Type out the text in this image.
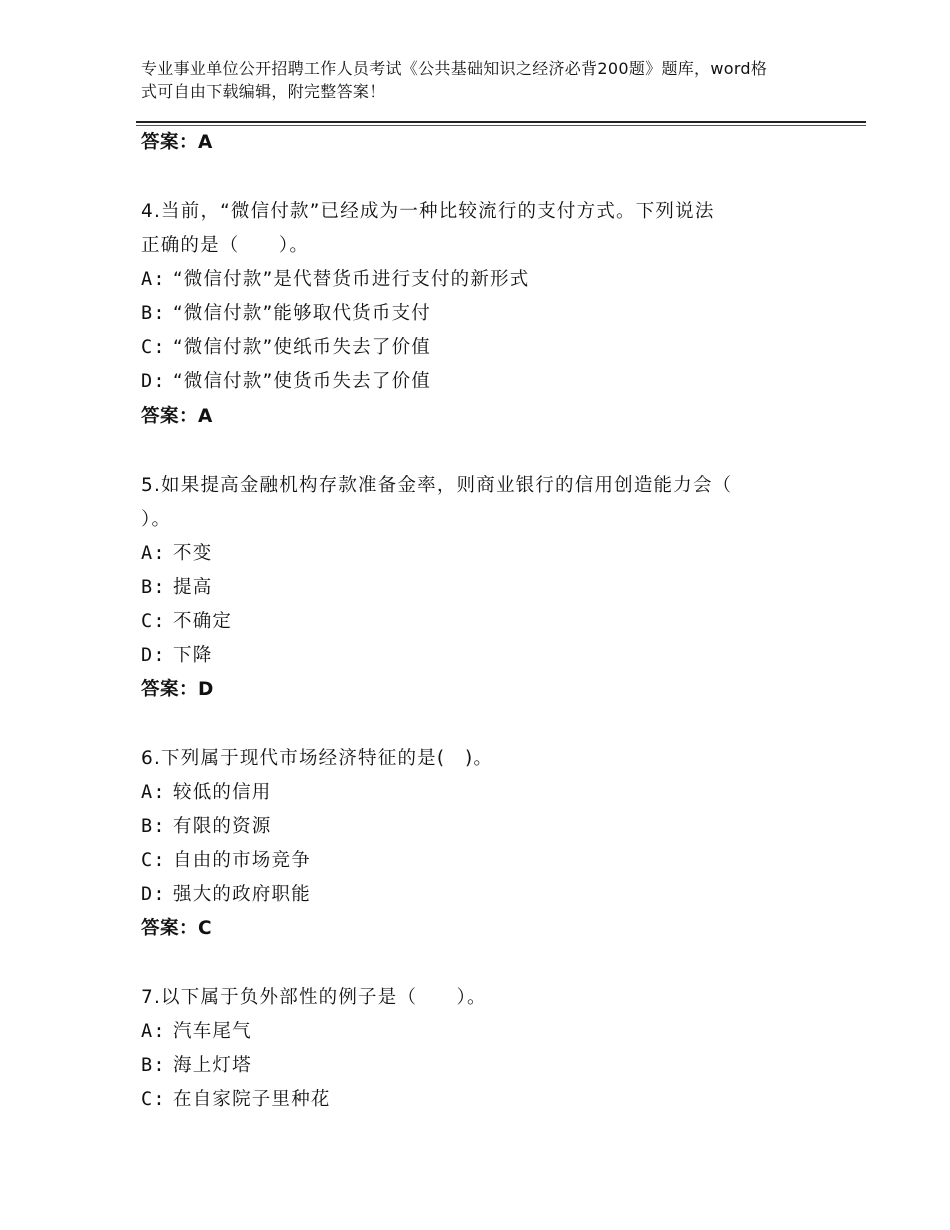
专业事业单位公开招聘工作人员考试《公共基础知识之经济必背200题》题库，word格式可自由下载编辑，附完整答案！
答案：A
4.当前，“微信付款”已经成为一种比较流行的支付方式。下列说法
正确的是（　　）。
A: “微信付款”是代替货币进行支付的新形式
B: “微信付款”能够取代货币支付
C: “微信付款”使纸币失去了价值
D: “微信付款”使货币失去了价值
答案：A
5.如果提高金融机构存款准备金率，则商业银行的信用创造能力会（
）。
A: 不变
B: 提高
C: 不确定
D: 下降
答案：D
6.下列属于现代市场经济特征的是(　)。
A: 较低的信用
B: 有限的资源
C: 自由的市场竞争
D: 强大的政府职能
答案：C
7.以下属于负外部性的例子是（　　）。
A: 汽车尾气
B: 海上灯塔
C: 在自家院子里种花
